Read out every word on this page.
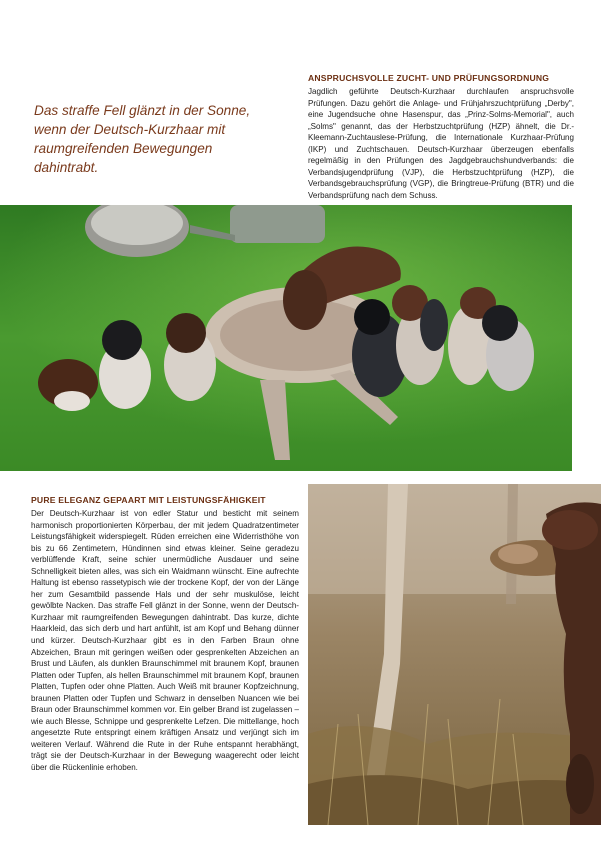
Das straffe Fell glänzt in der Sonne, wenn der Deutsch-Kurzhaar mit raumgreifenden Bewegungen dahintrabt.
ANSPRUCHSVOLLE ZUCHT- UND PRÜFUNGSORDNUNG

Jagdlich geführte Deutsch-Kurzhaar durchlaufen anspruchsvolle Prüfungen. Dazu gehört die Anlage- und Frühjahrszuchtprüfung „Derby", eine Jugendsuche ohne Hasenspur, das „Prinz-Solms-Memorial", auch „Solms" genannt, das der Herbstzuchtprüfung (HZP) ähnelt, die Dr.-Kleemann-Zuchtauslese-Prüfung, die Internationale Kurzhaar-Prüfung (IKP) und Zuchtschauen. Deutsch-Kurzhaar überzeugen ebenfalls regelmäßig in den Prüfungen des Jagdgebrauchshundverbands: die Verbandsjugendprüfung (VJP), die Herbstzuchtprüfung (HZP), die Verbandsgebrauchsprüfung (VGP), die Bringtreue-Prüfung (BTR) und die Verbandsprüfung nach dem Schuss.

PURE ELEGANZ GEPAART MIT LEISTUNGSFÄHIGKEIT

Der Deutsch-Kurzhaar ist von edler Statur und besticht mit seinem harmonisch proportionierten Körperbau, der mit jedem Quadratzentimeter Leistungsfähigkeit widerspiegelt. Rüden erreichen eine Widerristhöhe von bis zu 66 Zentimetern, Hündinnen sind etwas kleiner. Seine geradezu verblüffende Kraft, seine schier unermüdliche Ausdauer und seine Schnelligkeit bieten alles, was sich ein Waidmann wünscht. Eine aufrechte Haltung ist ebenso rassetypisch wie der trockene Kopf, der von der Länge her zum Gesamtbild passende Hals und der sehr muskulöse, leicht gewölbte Nacken. Das straffe Fell glänzt in der Sonne, wenn der Deutsch-Kurzhaar mit raumgreifenden Bewegungen dahintrabt. Das kurze, dichte Haarkleid, das sich derb und hart anfühlt, ist am Kopf und Behang dünner und kürzer. Deutsch-Kurzhaar gibt es in den Farben Braun ohne Abzeichen, Braun mit geringen weißen oder gesprenkelten Abzeichen an Brust und Läufen, als dunklen Braunschimmel mit braunem Kopf, braunen Platten oder Tupfen, als hellen Braunschimmel mit braunem Kopf, braunen Platten, Tupfen oder ohne Platten. Auch Weiß mit brauner Kopfzeichnung, braunen Platten oder Tupfen und Schwarz in denselben Nuancen wie bei Braun oder Braunschimmel kommen vor. Ein gelber Brand ist zugelassen – wie auch Blesse, Schnippe und gesprenkelte Lefzen. Die mittellange, hoch angesetzte Rute entspringt einem kräftigen Ansatz und verjüngt sich im weiteren Verlauf. Während die Rute in der Ruhe entspannt herabhängt, trägt sie der Deutsch-Kurzhaar in der Bewegung waagerecht oder leicht über die Rückenlinie erhoben.
